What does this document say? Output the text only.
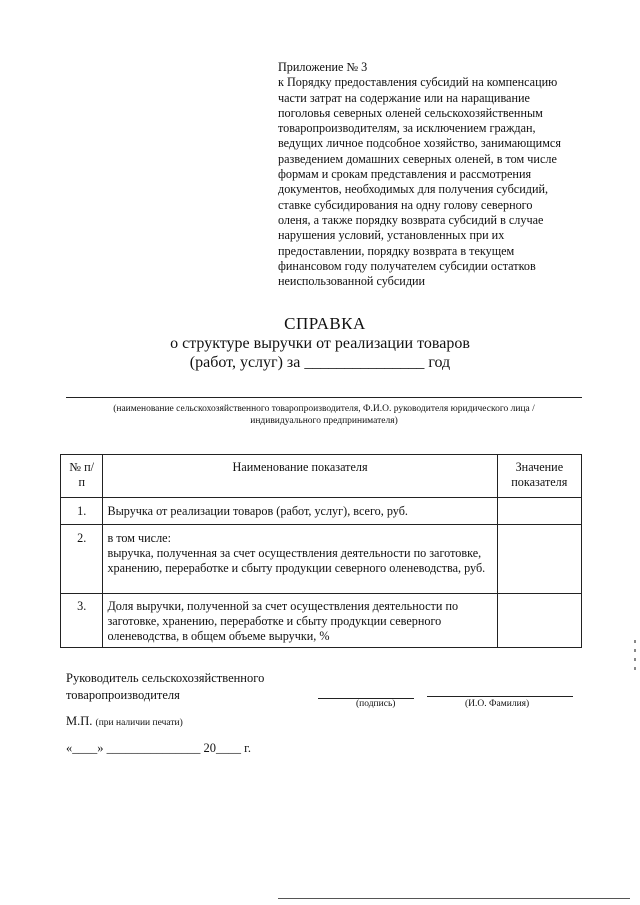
Приложение № 3
к Порядку предоставления субсидий на компенсацию
части затрат на содержание или на наращивание
поголовья северных оленей сельскохозяйственным
товаропроизводителям, за исключением граждан,
ведущих личное подсобное хозяйство, занимающимся
разведением домашних северных оленей, в том числе
формам и срокам представления и рассмотрения
документов, необходимых для получения субсидий,
ставке субсидирования на одну голову северного
оленя, а также порядку возврата субсидий в случае
нарушения условий, установленных при их
предоставлении, порядку возврата в текущем
финансовом году получателем субсидии остатков
неиспользованной субсидии
СПРАВКА
о структуре выручки от реализации товаров
(работ, услуг) за _______________ год
(наименование сельскохозяйственного товаропроизводителя, Ф.И.О. руководителя юридического лица /
индивидуального предпринимателя)
№ п/п	Наименование показателя	Значение показателя
1.	Выручка от реализации товаров (работ, услуг), всего, руб.	
2.	в том числе:
выручка, полученная за счет осуществления деятельности по заготовке, хранению, переработке и сбыту продукции северного оленеводства, руб.	
3.	Доля выручки, полученной за счет осуществления деятельности по заготовке, хранению, переработке и сбыту продукции северного оленеводства, в общем объеме выручки, %	
Руководитель сельскохозяйственного
товаропроизводителя
(подпись)	(И.О. Фамилия)
М.П. (при наличии печати)
«____» _______________ 20____ г.
